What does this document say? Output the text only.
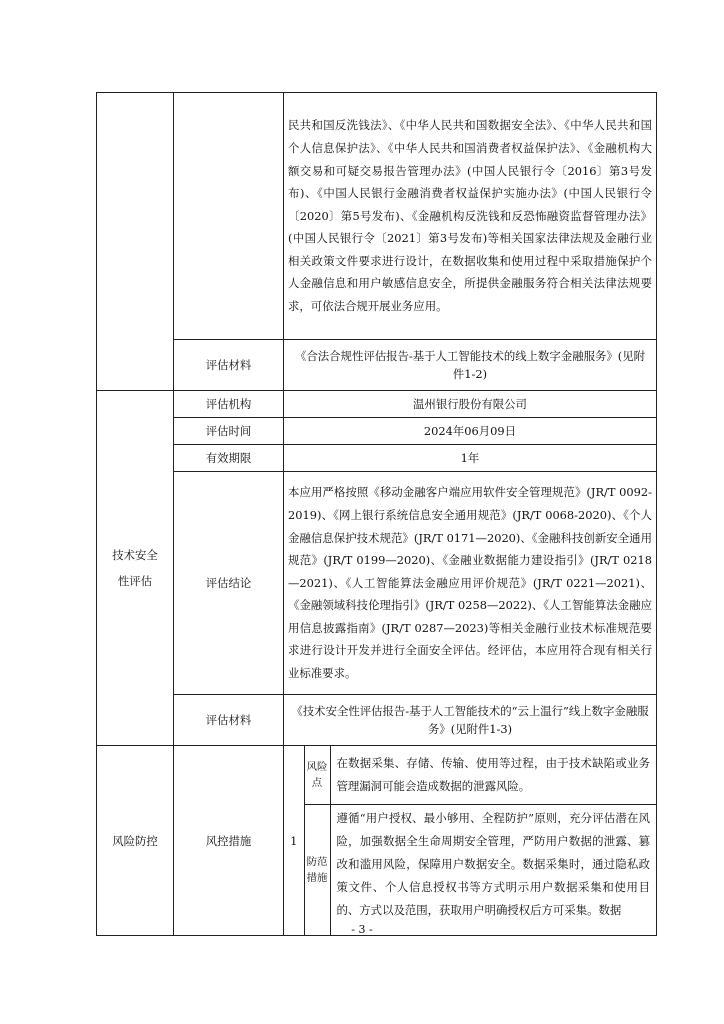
		民共和国反洗钱法》、《中华人民共和国数据安全法》、《中华人民共和国个人信息保护法》、《中华人民共和国消费者权益保护法》、《金融机构大额交易和可疑交易报告管理办法》(中国人民银行令〔2016〕第3号发布)、《中国人民银行金融消费者权益保护实施办法》(中国人民银行令〔2020〕第5号发布)、《金融机构反洗钱和反恐怖融资监督管理办法》(中国人民银行令〔2021〕第3号发布)等相关国家法律法规及金融行业相关政策文件要求进行设计，在数据收集和使用过程中采取措施保护个人金融信息和用户敏感信息安全，所提供金融服务符合相关法律法规要求，可依法合规开展业务应用。
评估材料	《合法合规性评估报告-基于人工智能技术的线上数字金融服务》(见附件1-2)
技术安全性评估	评估机构	温州银行股份有限公司
评估时间	2024年06月09日
有效期限	1年
评估结论	本应用严格按照《移动金融客户端应用软件安全管理规范》(JR/T 0092-2019)、《网上银行系统信息安全通用规范》(JR/T 0068-2020)、《个人金融信息保护技术规范》(JR/T 0171—2020)、《金融科技创新安全通用规范》(JR/T 0199—2020)、《金融业数据能力建设指引》(JR/T 0218—2021)、《人工智能算法金融应用评价规范》(JR/T 0221—2021)、《金融领域科技伦理指引》(JR/T 0258—2022)、《人工智能算法金融应用信息披露指南》(JR/T 0287—2023)等相关金融行业技术标准规范要求进行设计开发并进行全面安全评估。经评估，本应用符合现有相关行业标准要求。
评估材料	《技术安全性评估报告-基于人工智能技术的“云上温行”线上数字金融服务》(见附件1-3)
风险防控	风控措施		1	风险点	在数据采集、存储、传输、使用等过程，由于技术缺陷或业务管理漏洞可能会造成数据的泄露风险。
防范措施	遵循“用户授权、最小够用、全程防护”原则，充分评估潜在风险，加强数据全生命周期安全管理，严防用户数据的泄露、篡改和滥用风险，保障用户数据安全。数据采集时，通过隐私政策文件、个人信息授权书等方式明示用户数据采集和使用目的、方式以及范围，获取用户明确授权后方可采集。数据
- 3 -
